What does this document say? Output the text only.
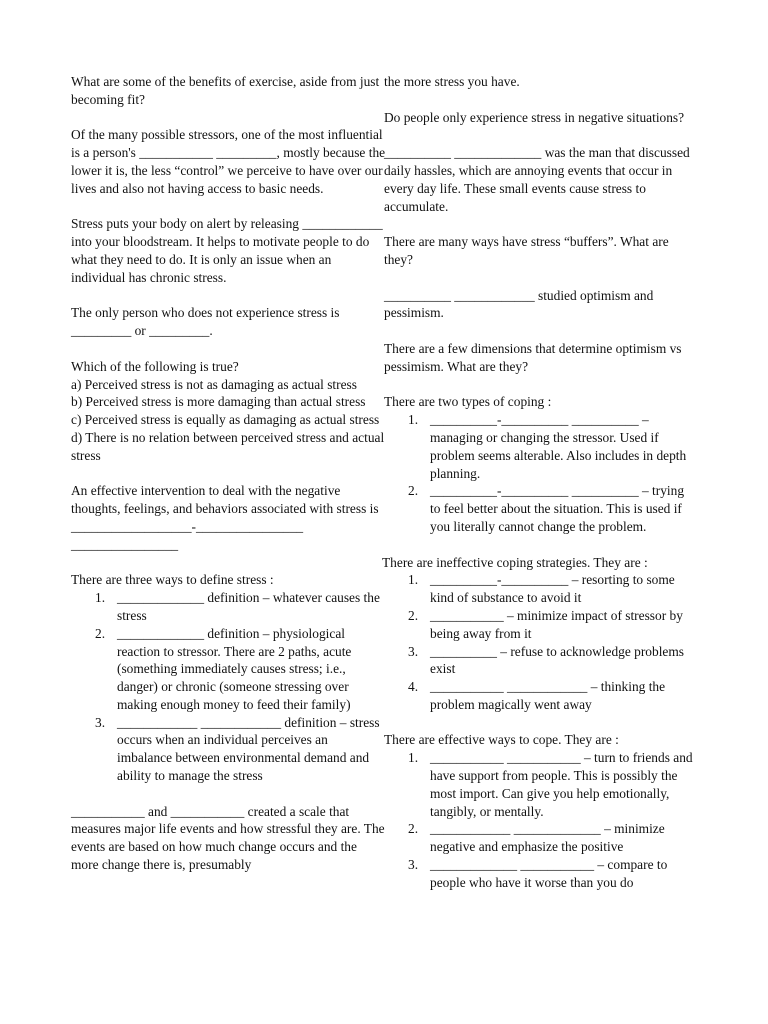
What are some of the benefits of exercise, aside from just becoming fit?

Of the many possible stressors, one of the most influential is a person's ___________ _________, mostly because the lower it is, the less “control” we perceive to have over our lives and also not having access to basic needs.

Stress puts your body on alert by releasing ____________ into your bloodstream. It helps to motivate people to do what they need to do. It is only an issue when an individual has chronic stress.

The only person who does not experience stress is _________ or _________.

Which of the following is true?

a) Perceived stress is not as damaging as actual stress

b) Perceived stress is more damaging than actual stress

c) Perceived stress is equally as damaging as actual stress

d) There is no relation between perceived stress and actual stress

An effective intervention to deal with the negative thoughts, feelings, and behaviors associated with stress is __________________-________________

________________

There are three ways to define stress :

1. _____________ definition – whatever causes the stress
2. _____________ definition – physiological reaction to stressor. There are 2 paths, acute (something immediately causes stress; i.e., danger) or chronic (someone stressing over making enough money to feed their family)
3. ____________ ____________ definition – stress occurs when an individual perceives an imbalance between environmental demand and ability to manage the stress

___________ and ___________ created a scale that measures major life events and how stressful they are. The events are based on how much change occurs and the more change there is, presumably

the more stress you have.

Do people only experience stress in negative situations?

__________ _____________ was the man that discussed daily hassles, which are annoying events that occur in every day life. These small events cause stress to accumulate.

There are many ways have stress “buffers”. What are they?

__________ ____________ studied optimism and pessimism.

There are a few dimensions that determine optimism vs pessimism. What are they?

There are two types of coping :

1. __________-__________ __________ – managing or changing the stressor. Used if problem seems alterable. Also includes in depth planning.
2. __________-__________ __________ – trying to feel better about the situation. This is used if you literally cannot change the problem.

There are ineffective coping strategies. They are :

1. __________-__________ – resorting to some kind of substance to avoid it
2. ___________ – minimize impact of stressor by being away from it
3. __________ – refuse to acknowledge problems exist
4. ___________ ____________ – thinking the problem magically went away

There are effective ways to cope. They are :

1. ___________ ___________ – turn to friends and have support from people. This is possibly the most import. Can give you help emotionally, tangibly, or mentally.
2. ____________ _____________ – minimize negative and emphasize the positive
3. _____________ ___________ – compare to people who have it worse than you do
